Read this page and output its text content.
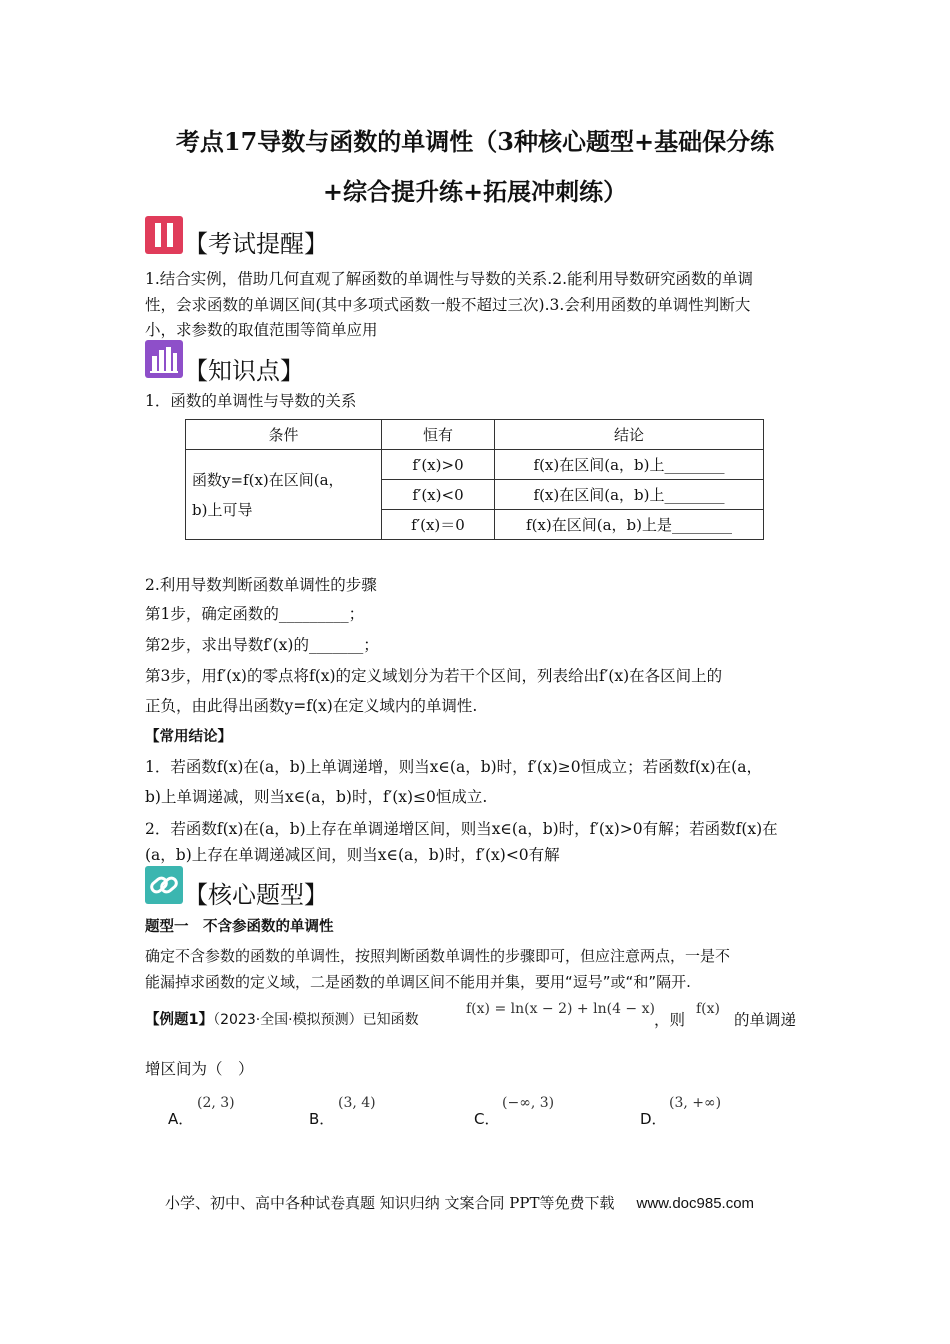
考点17导数与函数的单调性（3种核心题型+基础保分练
+综合提升练+拓展冲刺练）
【考试提醒】
1.结合实例，借助几何直观了解函数的单调性与导数的关系.2.能利用导数研究函数的单调
性，会求函数的单调区间(其中多项式函数一般不超过三次).3.会利用函数的单调性判断大
小，求参数的取值范围等简单应用
【知识点】
1．函数的单调性与导数的关系
条件	恒有	结论

函数y=f(x)在区间(a，
b)上可导	f′(x)>0	f(x)在区间(a，b)上________
	f′(x)<0	f(x)在区间(a，b)上________
	f′(x)＝0	f(x)在区间(a，b)上是________
2.利用导数判断函数单调性的步骤
第1步，确定函数的_________；
第2步，求出导数f′(x)的_______；
第3步，用f′(x)的零点将f(x)的定义域划分为若干个区间，列表给出f′(x)在各区间上的
正负，由此得出函数y=f(x)在定义域内的单调性.
【常用结论】
1．若函数f(x)在(a，b)上单调递增，则当x∈(a，b)时，f′(x)≥0恒成立；若函数f(x)在(a，
b)上单调递减，则当x∈(a，b)时，f′(x)≤0恒成立.
2．若函数f(x)在(a，b)上存在单调递增区间，则当x∈(a，b)时，f′(x)>0有解；若函数f(x)在
(a，b)上存在单调递减区间，则当x∈(a，b)时，f′(x)<0有解
【核心题型】
题型一　不含参函数的单调性
确定不含参数的函数的单调性，按照判断函数单调性的步骤即可，但应注意两点，一是不
能漏掉求函数的定义域，二是函数的单调区间不能用并集，要用“逗号”或“和”隔开.
【例题1】（2023·全国·模拟预测）已知函数
f(x) = ln(x − 2) + ln(4 − x)
，则
f(x)
的单调递
增区间为（　）
A．
(2, 3)
B．
(3, 4)
C．
(−∞, 3)
D．
(3, +∞)
小学、初中、高中各种试卷真题 知识归纳 文案合同 PPT等免费下载 www.doc985.com
